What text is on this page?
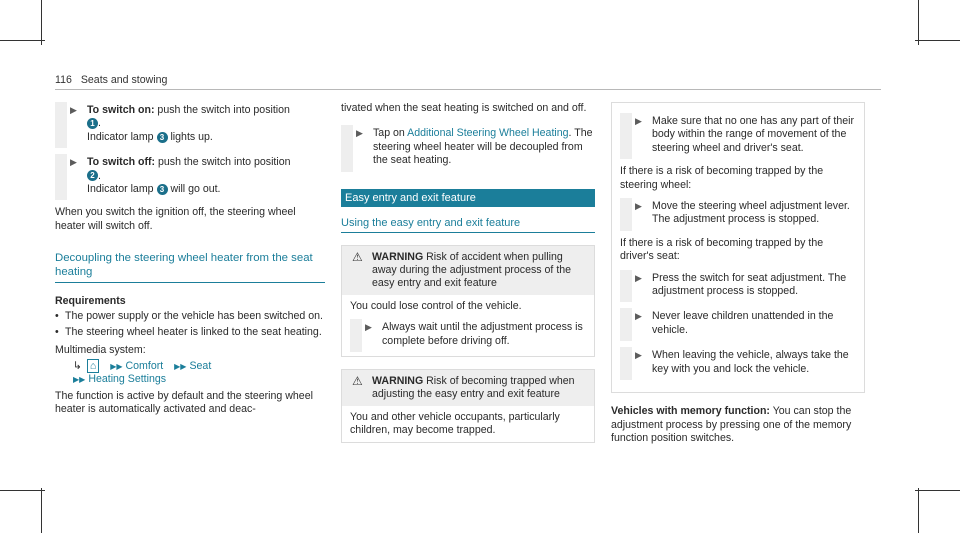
116 Seats and stowing
▶ To switch on: push the switch into position
1 .
Indicator lamp 3 lights up.
▶ To switch off: push the switch into position
2 .
Indicator lamp 3 will go out.

When you switch the ignition off, the steering wheel heater will switch off.

Decoupling the steering wheel heater from the seat heating
Requirements
• The power supply or the vehicle has been switched on.
• The steering wheel heater is linked to the seat heating.
Multimedia system:
↳ ⌂ ▶▶ Comfort ▶▶ Seat
▶▶ Heating Settings

The function is active by default and the steering wheel heater is automatically activated and deac-

tivated when the seat heating is switched on and off.

▶ Tap on Additional Steering Wheel Heating. The steering wheel heater will be decoupled from the seat heating.
Easy entry and exit feature
Using the easy entry and exit feature
⚠ WARNING Risk of accident when pulling away during the adjustment process of the easy entry and exit feature
You could lose control of the vehicle.
▶ Always wait until the adjustment process is complete before driving off.
⚠ WARNING Risk of becoming trapped when adjusting the easy entry and exit feature
You and other vehicle occupants, particularly children, may become trapped.
▶ Make sure that no one has any part of their body within the range of movement of the steering wheel and driver's seat.

If there is a risk of becoming trapped by the steering wheel:

▶ Move the steering wheel adjustment lever. The adjustment process is stopped.

If there is a risk of becoming trapped by the driver's seat:

▶ Press the switch for seat adjustment. The adjustment process is stopped.
▶ Never leave children unattended in the vehicle.
▶ When leaving the vehicle, always take the key with you and lock the vehicle.

Vehicles with memory function: You can stop the adjustment process by pressing one of the memory function position switches.
